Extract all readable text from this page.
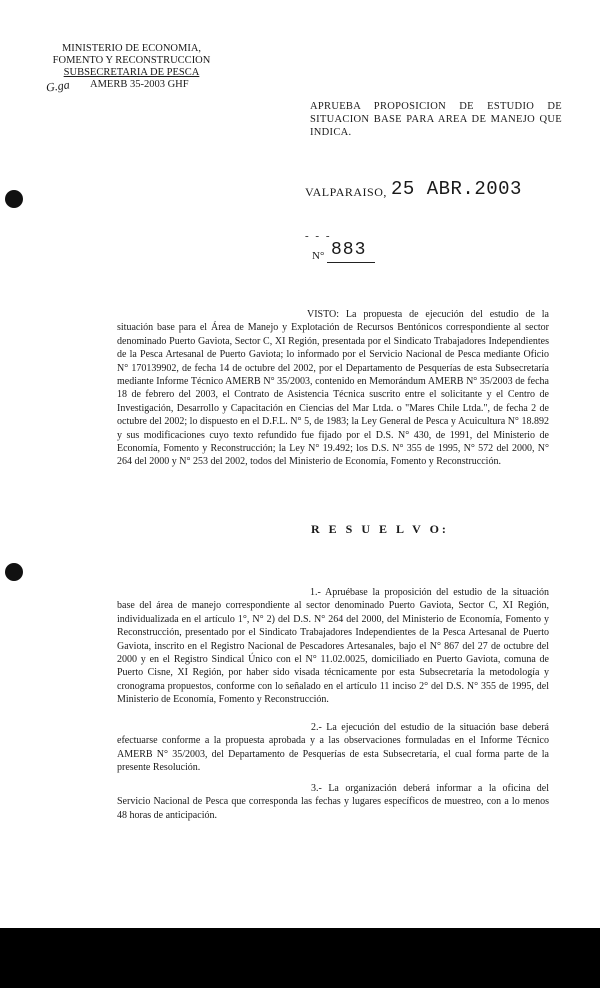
MINISTERIO DE ECONOMIA,
FOMENTO Y RECONSTRUCCION
SUBSECRETARIA DE PESCA
G.ga AMERB 35-2003 GHF
APRUEBA PROPOSICION DE ESTUDIO DE SITUACION BASE PARA AREA DE MANEJO QUE INDICA.
VALPARAISO, 25 ABR.2003
- - -
N° 883

VISTO: La propuesta de ejecución del estudio de la situación base para el Área de Manejo y Explotación de Recursos Bentónicos correspondiente al sector denominado Puerto Gaviota, Sector C, XI Región, presentada por el Sindicato Trabajadores Independientes de la Pesca Artesanal de Puerto Gaviota; lo informado por el Servicio Nacional de Pesca mediante Oficio N° 170139902, de fecha 14 de octubre del 2002, por el Departamento de Pesquerías de esta Subsecretaría mediante Informe Técnico AMERB N° 35/2003, contenido en Memorándum AMERB N° 35/2003 de fecha 18 de febrero del 2003, el Contrato de Asistencia Técnica suscrito entre el solicitante y el Centro de Investigación, Desarrollo y Capacitación en Ciencias del Mar Ltda. o "Mares Chile Ltda.", de fecha 2 de octubre del 2002; lo dispuesto en el D.F.L. N° 5, de 1983; la Ley General de Pesca y Acuicultura N° 18.892 y sus modificaciones cuyo texto refundido fue fijado por el D.S. N° 430, de 1991, del Ministerio de Economía, Fomento y Reconstrucción; la Ley N° 19.492; los D.S. N° 355 de 1995, N° 572 del 2000, N° 264 del 2000 y N° 253 del 2002, todos del Ministerio de Economía, Fomento y Reconstrucción.

R E S U E L V O:

1.- Apruébase la proposición del estudio de la situación base del área de manejo correspondiente al sector denominado Puerto Gaviota, Sector C, XI Región, individualizada en el artículo 1°, N° 2) del D.S. N° 264 del 2000, del Ministerio de Economía, Fomento y Reconstrucción, presentado por el Sindicato Trabajadores Independientes de la Pesca Artesanal de Puerto Gaviota, inscrito en el Registro Nacional de Pescadores Artesanales, bajo el N° 867 del 27 de octubre del 2000 y en el Registro Sindical Único con el N° 11.02.0025, domiciliado en Puerto Gaviota, comuna de Puerto Cisne, XI Región, por haber sido visada técnicamente por esta Subsecretaría la metodología y cronograma propuestos, conforme con lo señalado en el artículo 11 inciso 2° del D.S. N° 355 de 1995, del Ministerio de Economía, Fomento y Reconstrucción.

2.- La ejecución del estudio de la situación base deberá efectuarse conforme a la propuesta aprobada y a las observaciones formuladas en el Informe Técnico AMERB N° 35/2003, del Departamento de Pesquerías de esta Subsecretaría, el cual forma parte de la presente Resolución.

3.- La organización deberá informar a la oficina del Servicio Nacional de Pesca que corresponda las fechas y lugares específicos de muestreo, con a lo menos 48 horas de anticipación.
